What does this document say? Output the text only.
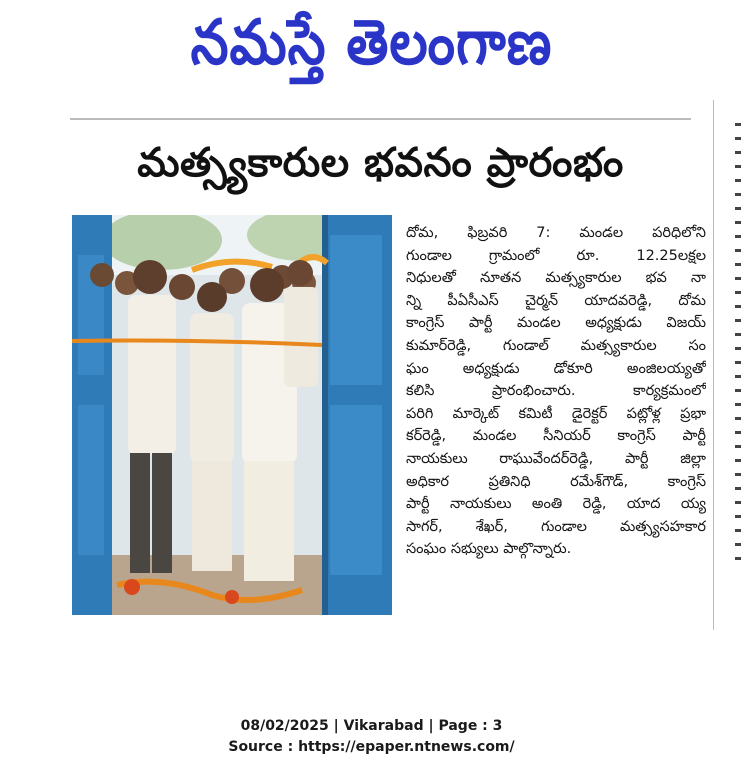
నమస్తే తెలంగాణ
మత్స్యకారుల భవనం ప్రారంభం
దోమ, ఫిబ్రవరి 7: మండల పరిధిలోని
గుండాల గ్రామంలో రూ. 12.25లక్షల
నిధులతో నూతన మత్స్యకారుల భవ నా
న్ని పీఏసీఎస్ చైర్మన్ యాదవరెడ్డి, దోమ
కాంగ్రెస్ పార్టీ మండల అధ్యక్షుడు విజయ్
కుమార్‌రెడ్డి, గుండాల్ మత్స్యకారుల సం
ఘం అధ్యక్షుడు డోకూరి అంజిలయ్యతో
కలిసి ప్రారంభించారు. కార్యక్రమంలో
పరిగి మార్కెట్ కమిటీ డైరెక్టర్ పట్లోళ్ల ప్రభా
కర్‌రెడ్డి, మండల సీనియర్ కాంగ్రెస్ పార్టీ
నాయకులు రాఘువేందర్‌రెడ్డి, పార్టీ జిల్లా
అధికార ప్రతినిధి రమేశ్‌గౌడ్, కాంగ్రెస్
పార్టీ నాయకులు అంతి రెడ్డి, యాద య్య
సాగర్, శేఖర్, గుండాల మత్స్యసహకార
సంఘం సభ్యులు పాల్గొన్నారు.
08/02/2025 | Vikarabad | Page : 3
Source : https://epaper.ntnews.com/
